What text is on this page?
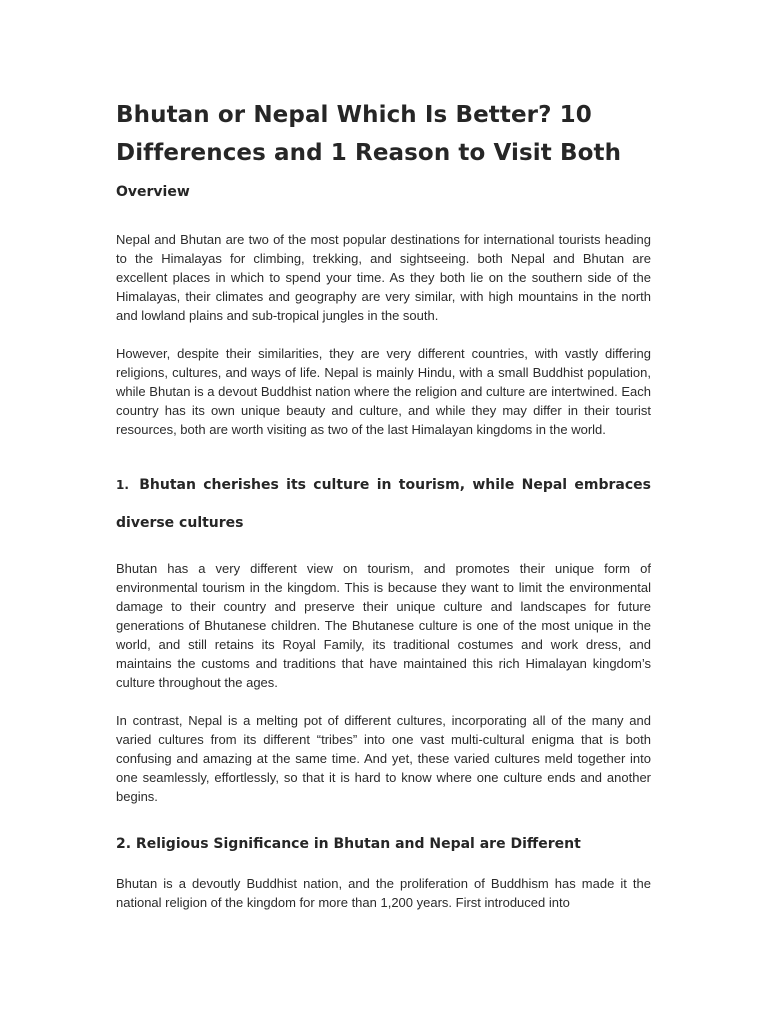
Bhutan or Nepal Which Is Better? 10 Differences and 1 Reason to Visit Both
Overview

Nepal and Bhutan are two of the most popular destinations for international tourists heading to the Himalayas for climbing, trekking, and sightseeing. both Nepal and Bhutan are excellent places in which to spend your time. As they both lie on the southern side of the Himalayas, their climates and geography are very similar, with high mountains in the north and lowland plains and sub-tropical jungles in the south.

However, despite their similarities, they are very different countries, with vastly differing religions, cultures, and ways of life. Nepal is mainly Hindu, with a small Buddhist population, while Bhutan is a devout Buddhist nation where the religion and culture are intertwined. Each country has its own unique beauty and culture, and while they may differ in their tourist resources, both are worth visiting as two of the last Himalayan kingdoms in the world.

1. Bhutan cherishes its culture in tourism, while Nepal embraces diverse cultures

Bhutan has a very different view on tourism, and promotes their unique form of environmental tourism in the kingdom. This is because they want to limit the environmental damage to their country and preserve their unique culture and landscapes for future generations of Bhutanese children. The Bhutanese culture is one of the most unique in the world, and still retains its Royal Family, its traditional costumes and work dress, and maintains the customs and traditions that have maintained this rich Himalayan kingdom’s culture throughout the ages.

In contrast, Nepal is a melting pot of different cultures, incorporating all of the many and varied cultures from its different “tribes” into one vast multi-cultural enigma that is both confusing and amazing at the same time. And yet, these varied cultures meld together into one seamlessly, effortlessly, so that it is hard to know where one culture ends and another begins.

2. Religious Significance in Bhutan and Nepal are Different

Bhutan is a devoutly Buddhist nation, and the proliferation of Buddhism has made it the national religion of the kingdom for more than 1,200 years. First introduced into
